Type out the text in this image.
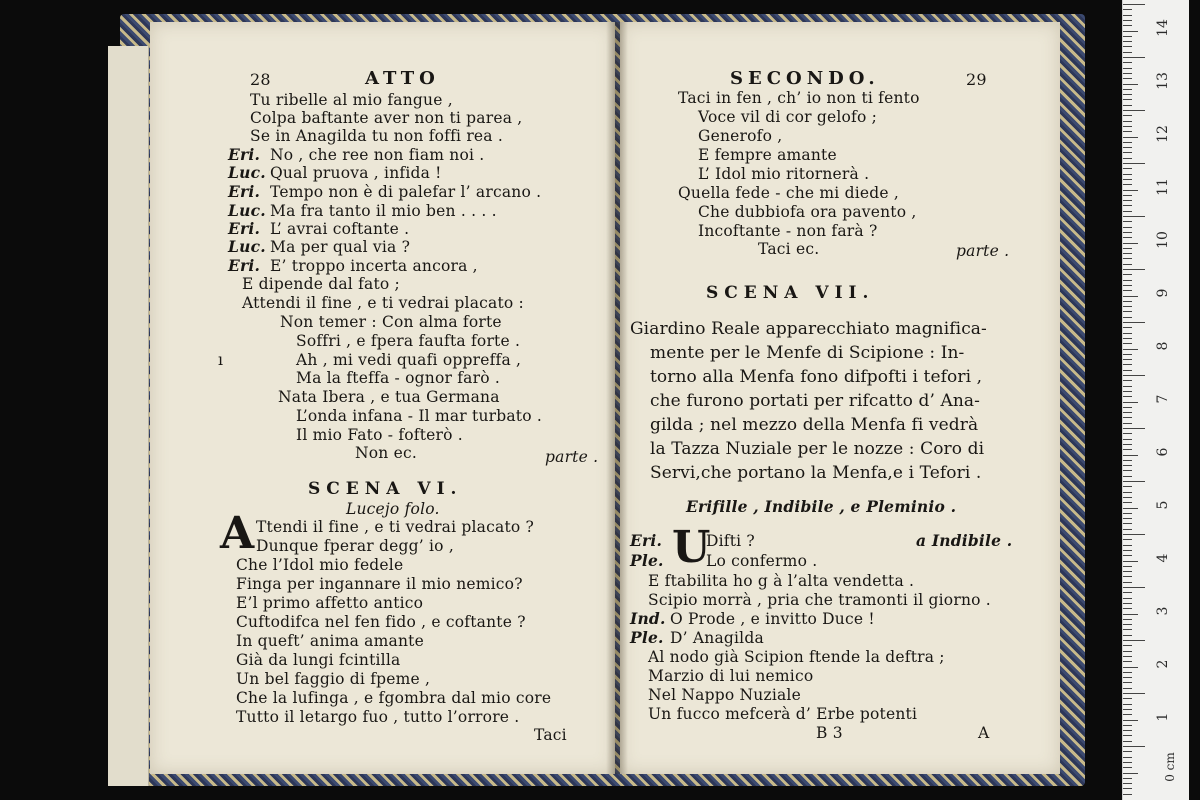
28	ATTO
Tu ribelle al mio fangue ,
Colpa baftante aver non ti parea ,
Se in Anagilda tu non foffi rea .
Eri. No , che ree non fiam noi .
Luc. Qual pruova , infida !
Eri. Tempo non è di palefar l’ arcano .
Luc. Ma fra tanto il mio ben . . . .
Eri. L’ avrai coftante .
Luc. Ma per qual via ?
Eri. E’ troppo incerta ancora ,
E dipende dal fato ;
Attendi il fine , e ti vedrai placato :
Non temer : Con alma forte
Soffri , e fpera faufta forte .
ı	Ah , mi vedi quafi oppreffa ,
Ma la fteffa - ognor farò .
Nata Ibera , e tua Germana
L’onda infana - Il mar turbato .
Il mio Fato - fofterò .
Non ec.	parte .
SCENA VI.
Lucejo folo.
A Ttendi il fine , e ti vedrai placato ?
Dunque fperar degg’ io ,
Che l’Idol mio fedele
Finga per ingannare il mio nemico?
E’l primo affetto antico
Cuftodifca nel fen fido , e coftante ?
In queft’ anima amante
Già da lungi fcintilla
Un bel faggio di fpeme ,
Che la lufinga , e fgombra dal mio core
Tutto il letargo fuo , tutto l’orrore .
Taci
SECONDO.	29
Taci in fen , ch’ io non ti fento
Voce vil di cor gelofo ;
Generofo ,
E fempre amante
L’ Idol mio ritornerà .
Quella fede - che mi diede ,
Che dubbiofa ora pavento ,
Incoftante - non farà ?
Taci ec.	parte .
SCENA VII.
Giardino Reale apparecchiato magnifica-
mente per le Menfe di Scipione : In-
torno alla Menfa fono difpofti i tefori ,
che furono portati per rifcatto d’ Ana-
gilda ; nel mezzo della Menfa fi vedrà
la Tazza Nuziale per le nozze : Coro di
Servi,che portano la Menfa,e i Tefori .
Erifille , Indibile , e Pleminio .
Eri. U
Difti ?	a Indibile .
Ple.	Lo confermo .
E ftabilita ho g à l’alta vendetta .
Scipio morrà , pria che tramonti il giorno .
Ind. O Prode , e invitto Duce !
Ple. D’ Anagilda
Al nodo già Scipion ftende la deftra ;
Marzio di lui nemico
Nel Nappo Nuziale
Un fucco mefcerà d’ Erbe potenti
B 3	A
14
13
12
11
10
9
8
7
6
5
4
3
2
1
0 cm
